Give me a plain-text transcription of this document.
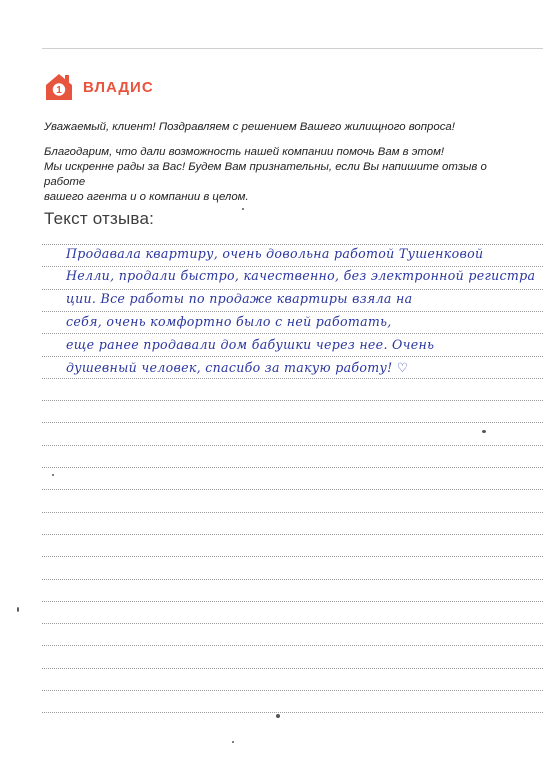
1 ВЛАДИС

Уважаемый, клиент! Поздравляем с решением Вашего жилищного вопроса!

Благодарим, что дали возможность нашей компании помочь Вам в этом!

Мы искренне рады за Вас! Будем Вам признательны, если Вы напишите отзыв о работе

вашего агента и о компании в целом.

Текст отзыва:
Продавала квартиру, очень довольна работой Тушенковой
Нелли, продали быстро, качественно, без электронной регистра
ции. Все работы по продаже квартиры взяла на
себя, очень комфортно было с ней работать,
еще ранее продавали дом бабушки через нее. Очень
душевный человек, спасибо за такую работу! ♡
